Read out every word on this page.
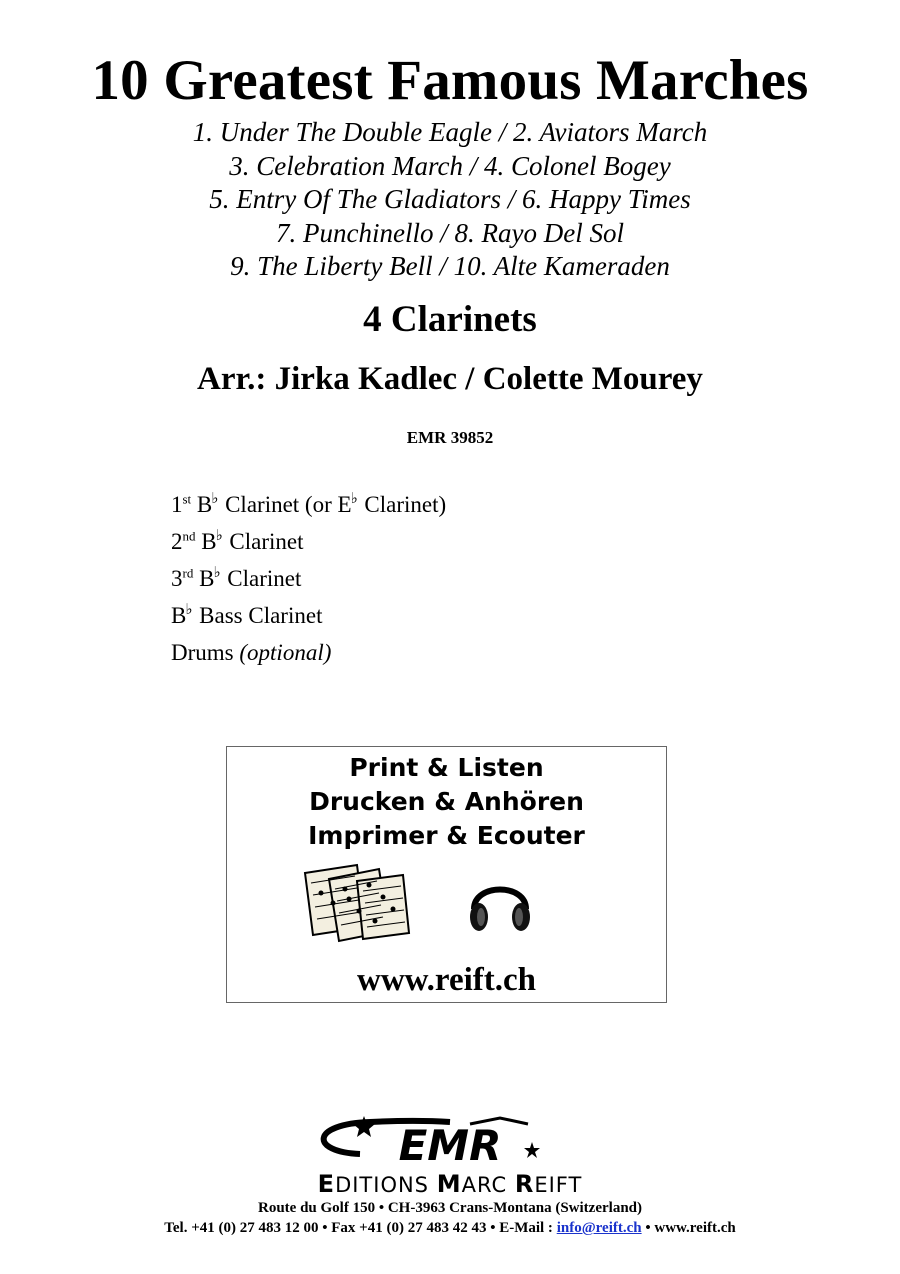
10 Greatest Famous Marches
1. Under The Double Eagle / 2. Aviators March
3. Celebration March / 4. Colonel Bogey
5. Entry Of The Gladiators / 6. Happy Times
7. Punchinello / 8. Rayo Del Sol
9. The Liberty Bell / 10. Alte Kameraden
4 Clarinets
Arr.: Jirka Kadlec / Colette Mourey
EMR 39852
1st B♭ Clarinet (or E♭ Clarinet)
2nd B♭ Clarinet
3rd B♭ Clarinet
B♭ Bass Clarinet
Drums (optional)
Print & Listen
Drucken & Anhören
Imprimer & Ecouter
www.reift.ch
EMR
EDITIONS MARC REIFT
Route du Golf 150 • CH-3963 Crans-Montana (Switzerland)
Tel. +41 (0) 27 483 12 00 • Fax +41 (0) 27 483 42 43 • E-Mail : info@reift.ch • www.reift.ch
